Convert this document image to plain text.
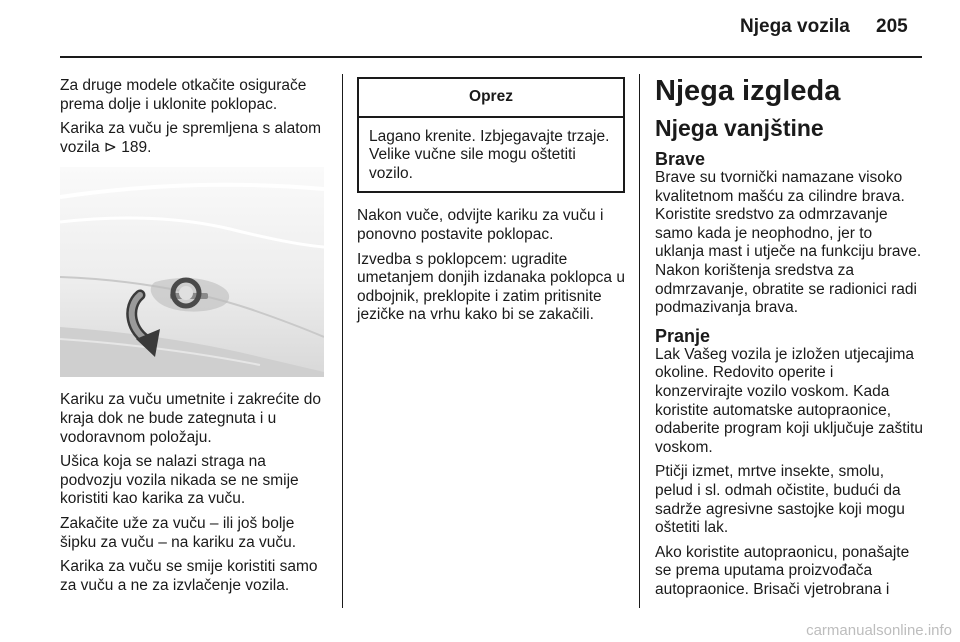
Njega vozila 205

Za druge modele otkačite osigurače prema dolje i uklonite poklopac.

Karika za vuču je spremljena s alatom vozila ⊳ 189.

Kariku za vuču umetnite i zakrećite do kraja dok ne bude zategnuta i u vodoravnom položaju.

Ušica koja se nalazi straga na podvozju vozila nikada se ne smije koristiti kao karika za vuču.

Zakačite uže za vuču – ili još bolje šipku za vuču – na kariku za vuču.

Karika za vuču se smije koristiti samo za vuču a ne za izvlačenje vozila.

Oprez
Lagano krenite. Izbjegavajte trzaje. Velike vučne sile mogu oštetiti vozilo.

Nakon vuče, odvijte kariku za vuču i ponovno postavite poklopac.

Izvedba s poklopcem: ugradite umetanjem donjih izdanaka poklopca u odbojnik, preklopite i zatim pritisnite jezičke na vrhu kako bi se zakačili.

Njega izgleda
Njega vanjštine
Brave

Brave su tvornički namazane visoko kvalitetnom mašću za cilindre brava. Koristite sredstvo za odmrzavanje samo kada je neophodno, jer to uklanja mast i utječe na funkciju brave. Nakon korištenja sredstva za odmrzavanje, obratite se radionici radi podmazivanja brava.

Pranje

Lak Vašeg vozila je izložen utjecajima okoline. Redovito operite i konzervirajte vozilo voskom. Kada koristite automatske autopraonice, odaberite program koji uključuje zaštitu voskom.

Ptičji izmet, mrtve insekte, smolu, pelud i sl. odmah očistite, budući da sadrže agresivne sastojke koji mogu oštetiti lak.

Ako koristite autopraonicu, ponašajte se prema uputama proizvođača autopraonice. Brisači vjetrobrana i

carmanualsonline.info
